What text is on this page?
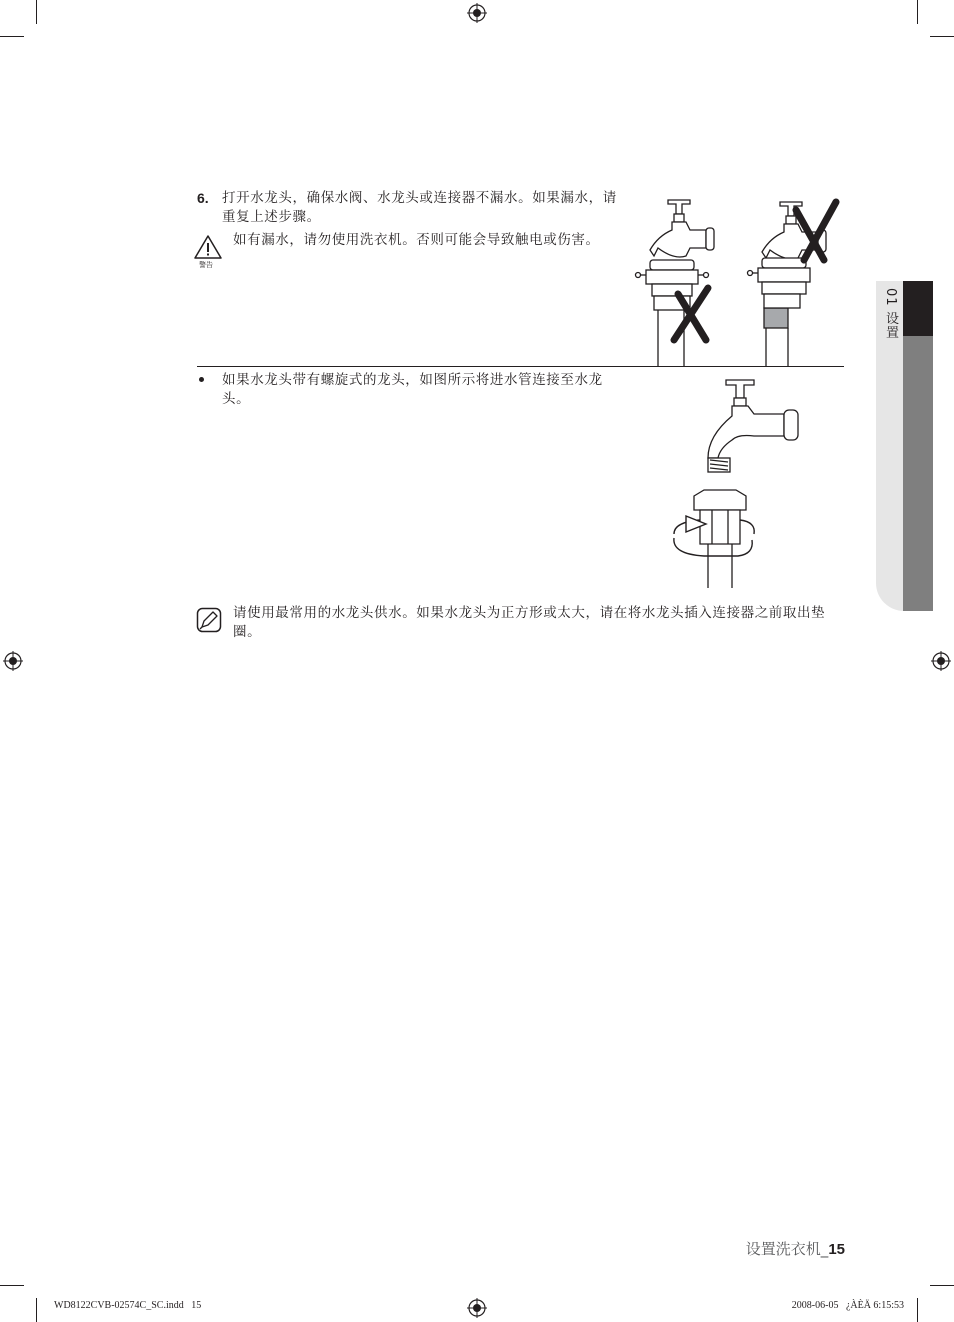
01 设置
6. 打开水龙头，确保水阀、水龙头或连接器不漏水。如果漏水，请重复上述步骤。
警告
如有漏水，请勿使用洗衣机。否则可能会导致触电或伤害。
如果水龙头带有螺旋式的龙头，如图所示将进水管连接至水龙头。
请使用最常用的水龙头供水。如果水龙头为正方形或太大，请在将水龙头插入连接器之前取出垫圈。
设置洗衣机_15
WD8122CVB-02574C_SC.indd   15	2008-06-05   ¿ÀÈÄ 6:15:53
